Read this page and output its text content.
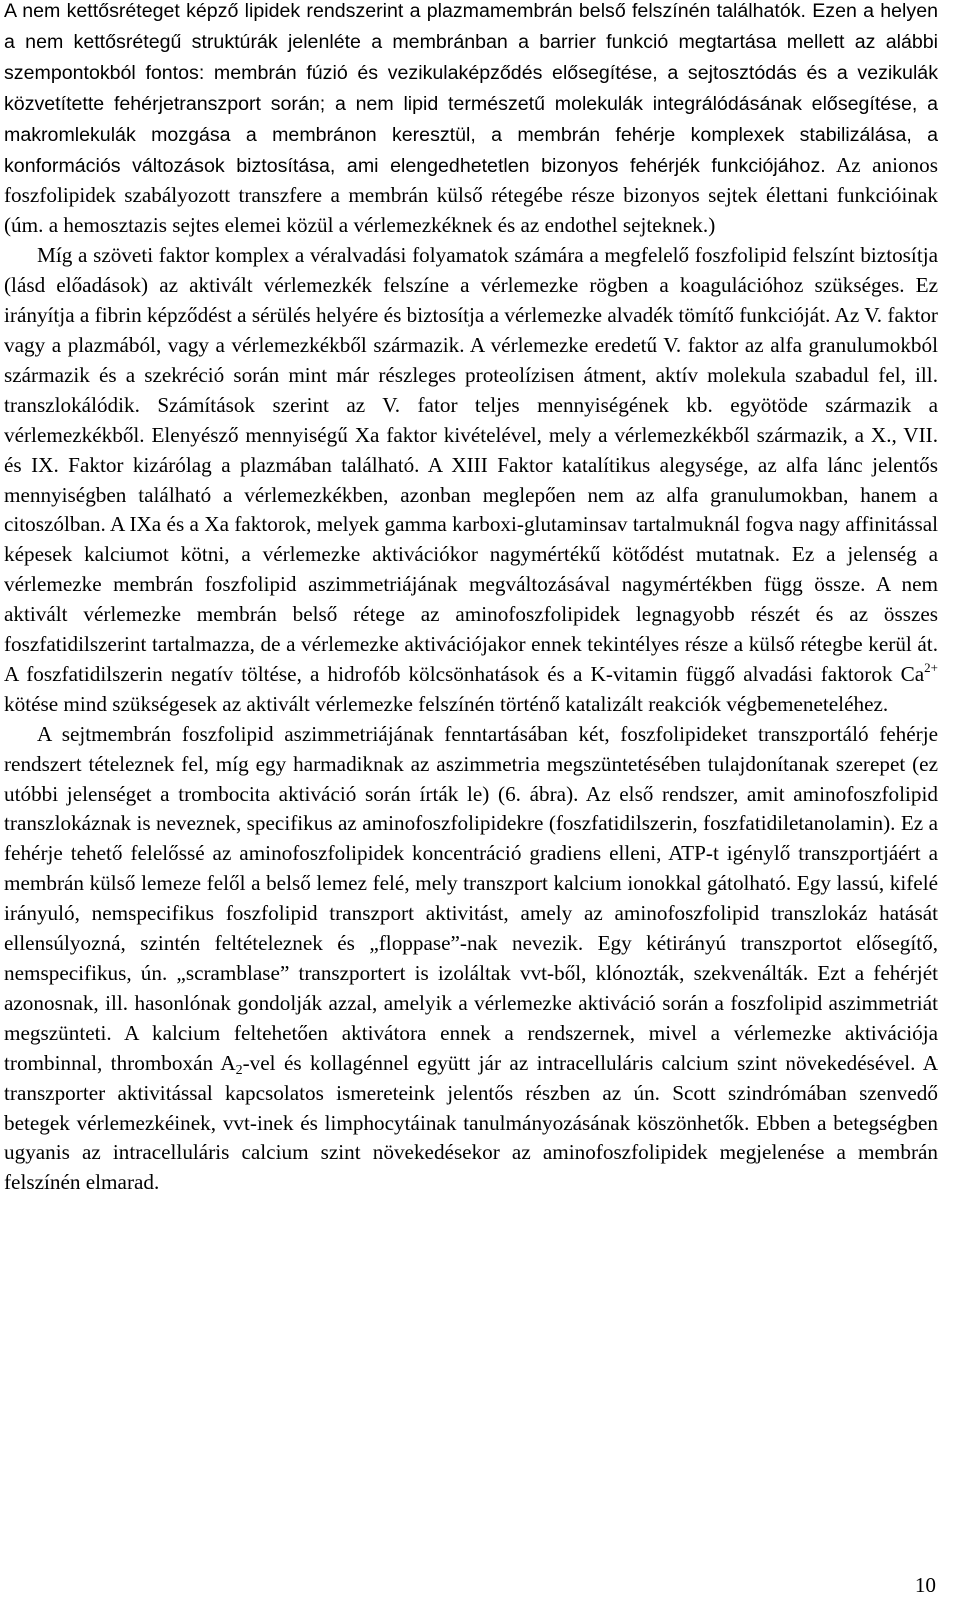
A nem kettősréteget képző lipidek rendszerint a plazmamembrán belső felszínén találhatók. Ezen a helyen a nem kettősrétegű struktúrák jelenléte a membránban a barrier funkció megtartása mellett az alábbi szempontokból fontos: membrán fúzió és vezikulaképződés elősegítése, a sejtosztódás és a vezikulák közvetítette fehérjetranszport során; a nem lipid természetű molekulák integrálódásának elősegítése, a makromlekulák mozgása a membránon keresztül, a membrán fehérje komplexek stabilizálása, a konformációs változások biztosítása, ami elengedhetetlen bizonyos fehérjék funkciójához. Az anionos foszfolipidek szabályozott transzfere a membrán külső rétegébe része bizonyos sejtek élettani funkcióinak (úm. a hemosztazis sejtes elemei közül a vérlemezkéknek és az endothel sejteknek.)

Míg a szöveti faktor komplex a véralvadási folyamatok számára a megfelelő foszfolipid felszínt biztosítja (lásd előadások) az aktivált vérlemezkék felszíne a vérlemezke rögben a koagulációhoz szükséges. Ez irányítja a fibrin képződést a sérülés helyére és biztosítja a vérlemezke alvadék tömítő funkcióját. Az V. faktor vagy a plazmából, vagy a vérlemezkékből származik. A vérlemezke eredetű V. faktor az alfa granulumokból származik és a szekréció során mint már részleges proteolízisen átment, aktív molekula szabadul fel, ill. transzlokálódik. Számítások szerint az V. fator teljes mennyiségének kb. egyötöde származik a vérlemezkékből. Elenyésző mennyiségű Xa faktor kivételével, mely a vérlemezkékből származik, a X., VII. és IX. Faktor kizárólag a plazmában található. A XIII Faktor katalítikus alegysége, az alfa lánc jelentős mennyiségben található a vérlemezkékben, azonban meglepően nem az alfa granulumokban, hanem a citoszólban. A IXa és a Xa faktorok, melyek gamma karboxi-glutaminsav tartalmuknál fogva nagy affinitással képesek kalciumot kötni, a vérlemezke aktivációkor nagymértékű kötődést mutatnak. Ez a jelenség a vérlemezke membrán foszfolipid aszimmetriájának megváltozásával nagymértékben függ össze. A nem aktivált vérlemezke membrán belső rétege az aminofoszfolipidek legnagyobb részét és az összes foszfatidilszerint tartalmazza, de a vérlemezke aktivációjakor ennek tekintélyes része a külső rétegbe kerül át. A foszfatidilszerin negatív töltése, a hidrofób kölcsönhatások és a K-vitamin függő alvadási faktorok $Ca^{2+}$ kötése mind szükségesek az aktivált vérlemezke felszínén történő katalizált reakciók végbemeneteléhez.

A sejtmembrán foszfolipid aszimmetriájának fenntartásában két, foszfolipideket transzportáló fehérje rendszert tételeznek fel, míg egy harmadiknak az aszimmetria megszüntetésében tulajdonítanak szerepet (ez utóbbi jelenséget a trombocita aktiváció során írták le) (6. ábra). Az első rendszer, amit aminofoszfolipid transzlokáznak is neveznek, specifikus az aminofoszfolipidekre (foszfatidilszerin, foszfatidiletanolamin). Ez a fehérje tehető felelőssé az aminofoszfolipidek koncentráció gradiens elleni, ATP-t igénylő transzportjáért a membrán külső lemeze felől a belső lemez felé, mely transzport kalcium ionokkal gátolható. Egy lassú, kifelé irányuló, nemspecifikus foszfolipid transzport aktivitást, amely az aminofoszfolipid transzlokáz hatását ellensúlyozná, szintén feltételeznek és „floppase”-nak nevezik. Egy kétirányú transzportot elősegítő, nemspecifikus, ún. „scramblase” transzportert is izoláltak vvt-ből, klónozták, szekvenálták. Ezt a fehérjét azonosnak, ill. hasonlónak gondolják azzal, amelyik a vérlemezke aktiváció során a foszfolipid aszimmetriát megszünteti. A kalcium feltehetően aktivátora ennek a rendszernek, mivel a vérlemezke aktivációja trombinnal, thromboxán $A_2$-vel és kollagénnel együtt jár az intracelluláris calcium szint növekedésével. A transzporter aktivitással kapcsolatos ismereteink jelentős részben az ún. Scott szindrómában szenvedő betegek vérlemezkéinek, vvt-inek és limphocytáinak tanulmányozásának köszönhetők. Ebben a betegségben ugyanis az intracelluláris calcium szint növekedésekor az aminofoszfolipidek megjelenése a membrán felszínén elmarad.

10
